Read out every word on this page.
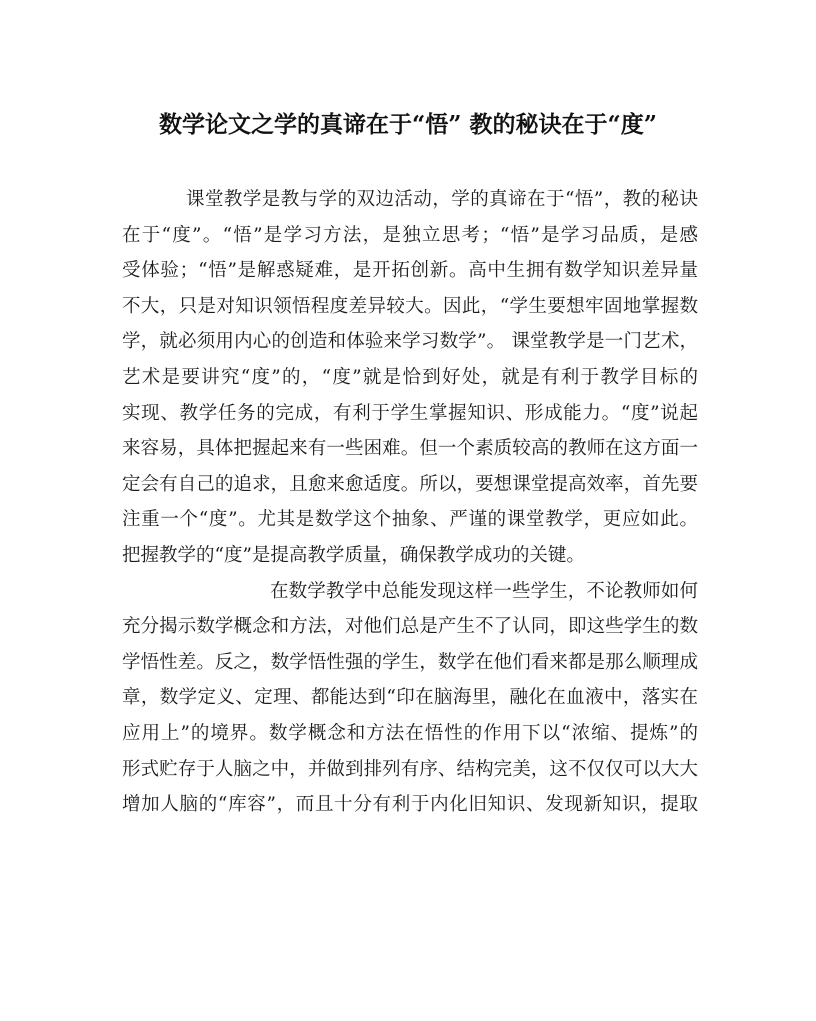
数学论文之学的真谛在于“悟” 教的秘诀在于“度”
课堂教学是教与学的双边活动，学的真谛在于“悟”，教的秘诀
在于“度”。“悟”是学习方法，是独立思考；“悟”是学习品质，是感
受体验；“悟”是解惑疑难，是开拓创新。高中生拥有数学知识差异量
不大，只是对知识领悟程度差异较大。因此，“学生要想牢固地掌握数
学，就必须用内心的创造和体验来学习数学”。 课堂教学是一门艺术，
艺术是要讲究“度”的，“度”就是恰到好处，就是有利于教学目标的
实现、教学任务的完成，有利于学生掌握知识、形成能力。“度”说起
来容易，具体把握起来有一些困难。但一个素质较高的教师在这方面一
定会有自己的追求，且愈来愈适度。所以，要想课堂提高效率，首先要
注重一个“度”。尤其是数学这个抽象、严谨的课堂教学，更应如此。
把握教学的“度”是提高教学质量，确保教学成功的关键。
在数学教学中总能发现这样一些学生，不论教师如何
充分揭示数学概念和方法，对他们总是产生不了认同，即这些学生的数
学悟性差。反之，数学悟性强的学生，数学在他们看来都是那么顺理成
章，数学定义、定理、都能达到“印在脑海里，融化在血液中，落实在
应用上”的境界。数学概念和方法在悟性的作用下以“浓缩、提炼”的
形式贮存于人脑之中，并做到排列有序、结构完美，这不仅仅可以大大
增加人脑的“库容”，而且十分有利于内化旧知识、发现新知识，提取
